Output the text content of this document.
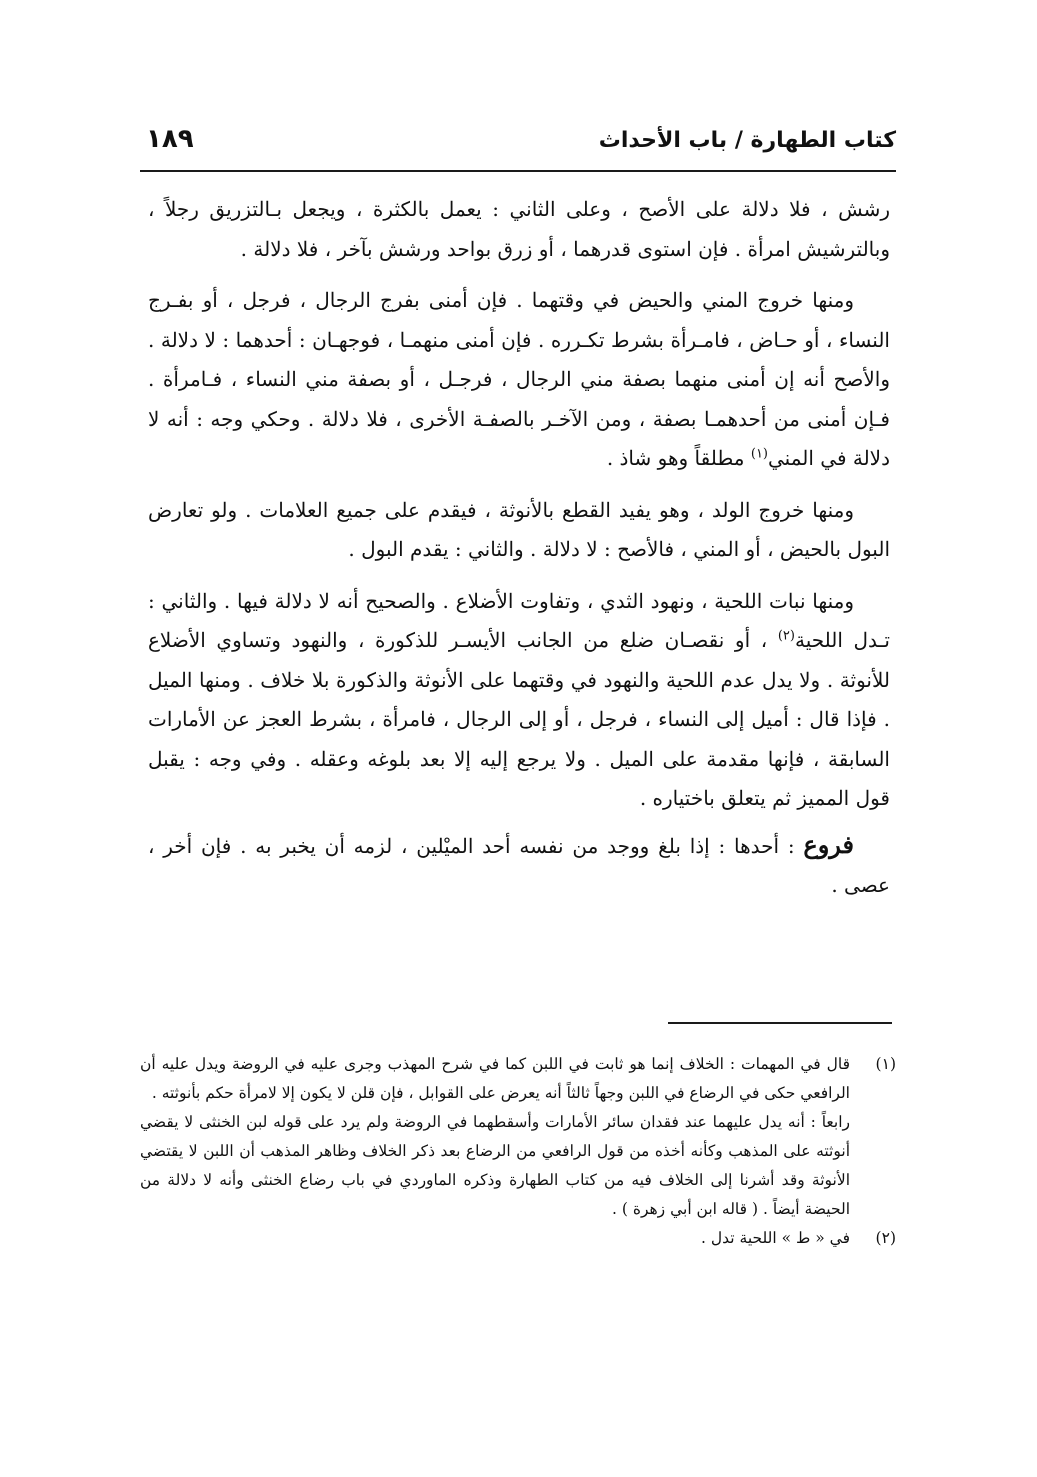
كتاب الطهارة / باب الأحداث
١٨٩

رشش ، فلا دلالة على الأصح ، وعلى الثاني : يعمل بالكثرة ، ويجعل بـالتزريق رجلاً ، وبالترشيش امرأة . فإن استوى قدرهما ، أو زرق بواحد ورشش بآخر ، فلا دلالة .

ومنها خروج المني والحيض في وقتهما . فإن أمنى بفرج الرجال ، فرجل ، أو بفـرج النساء ، أو حـاض ، فامـرأة بشرط تكـرره . فإن أمنى منهمـا ، فوجهـان : أحدهما : لا دلالة . والأصح أنه إن أمنى منهما بصفة مني الرجال ، فرجـل ، أو بصفة مني النساء ، فـامرأة . فـإن أمنى من أحدهمـا بصفة ، ومن الآخـر بالصفـة الأخرى ، فلا دلالة . وحكي وجه : أنه لا دلالة في المني$^{(١)}$ مطلقاً وهو شاذ .

ومنها خروج الولد ، وهو يفيد القطع بالأنوثة ، فيقدم على جميع العلامات . ولو تعارض البول بالحيض ، أو المني ، فالأصح : لا دلالة . والثاني : يقدم البول .

ومنها نبات اللحية ، ونهود الثدي ، وتفاوت الأضلاع . والصحيح أنه لا دلالة فيها . والثاني : تـدل اللحية$^{(٢)}$ ، أو نقصـان ضلع من الجانب الأيسـر للذكورة ، والنهود وتساوي الأضلاع للأنوثة . ولا يدل عدم اللحية والنهود في وقتهما على الأنوثة والذكورة بلا خلاف . ومنها الميل . فإذا قال : أميل إلى النساء ، فرجل ، أو إلى الرجال ، فامرأة ، بشرط العجز عن الأمارات السابقة ، فإنها مقدمة على الميل . ولا يرجع إليه إلا بعد بلوغه وعقله . وفي وجه : يقبل قول المميز ثم يتعلق باختياره .

فروع : أحدها : إذا بلغ ووجد من نفسه أحد الميْلين ، لزمه أن يخبر به . فإن أخر ، عصى .

(١)

قال في المهمات : الخلاف إنما هو ثابت في اللبن كما في شرح المهذب وجرى عليه في الروضة ويدل عليه أن الرافعي حكى في الرضاع في اللبن وجهاً ثالثاً أنه يعرض على القوابل ، فإن قلن لا يكون إلا لامرأة حكم بأنوثته .

رابعاً : أنه يدل عليهما عند فقدان سائر الأمارات وأسقطهما في الروضة ولم يرد على قوله لبن الخنثى لا يقضي أنوثته على المذهب وكأنه أخذه من قول الرافعي من الرضاع بعد ذكر الخلاف وظاهر المذهب أن اللبن لا يقتضي الأنوثة وقد أشرنا إلى الخلاف فيه من كتاب الطهارة وذكره الماوردي في باب رضاع الخنثى وأنه لا دلالة من الحيضة أيضاً . ( قاله ابن أبي زهرة ) .

(٢)

في « ط » اللحية تدل .
